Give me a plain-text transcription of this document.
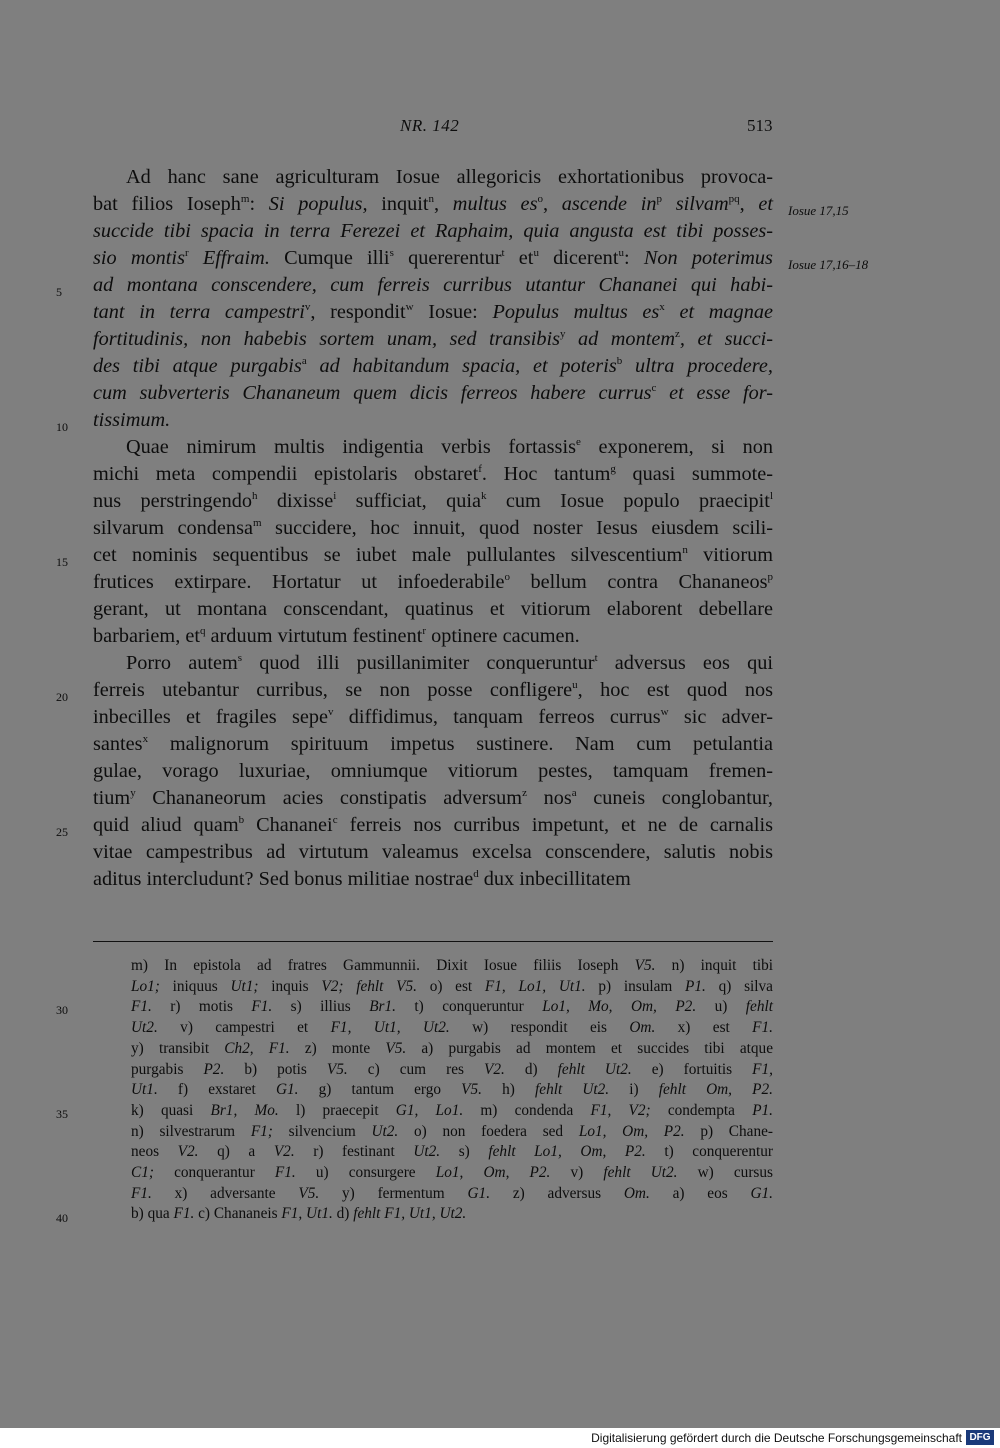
NR. 142	513
Ad hanc sane agriculturam Iosue allegoricis exhortationibus provoca-
bat filios Ioseph$^m$: Si populus, inquit$^n$, multus $es^o$, ascende $in^p$ silvam$^{pq}$, et
succide tibi spacia in terra Ferezei et Raphaim, quia angusta est tibi posses-
sio montis$^r$ Effraim. Cumque illi$^s$ quererentur$^t$ $et^u$ dicerent$^u$: Non poterimus
ad montana conscendere, cum ferreis curribus utantur Chananei qui habi-
tant in terra campestri$^v$, respondit$^w$ Iosue: Populus multus $es^x$ et magnae
fortitudinis, non habebis sortem unam, sed transibis$^y$ ad montem$^z$, et succi-
des tibi atque purgabis$^a$ ad habitandum spacia, et poteris$^b$ ultra procedere,
cum subverteris Chananeum quem dicis ferreos habere currus$^c$ et esse for-
tissimum.
Quae nimirum multis indigentia verbis fortassis$^e$ exponerem, si non
michi meta compendii epistolaris obstaret$^f$. Hoc tantum$^g$ quasi summote-
nus perstringendo$^h$ dixisse$^i$ sufficiat, quia$^k$ cum Iosue populo praecipit$^l$
silvarum condensa$^m$ succidere, hoc innuit, quod noster Iesus eiusdem scili-
cet nominis sequentibus se iubet male pullulantes silvescentium$^n$ vitiorum
frutices extirpare. Hortatur ut infoederabile$^o$ bellum contra Chananeos$^p$
gerant, ut montana conscendant, quatinus et vitiorum elaborent debellare
barbariem, $et^q$ arduum virtutum festinent$^r$ optinere cacumen.
Porro autem$^s$ quod illi pusillanimiter conqueruntur$^t$ adversus eos qui
ferreis utebantur curribus, se non posse confligere$^u$, hoc est quod nos
inbecilles et fragiles sepe$^v$ diffidimus, tanquam ferreos currus$^w$ sic adver-
santes$^x$ malignorum spirituum impetus sustinere. Nam cum petulantia
gulae, vorago luxuriae, omniumque vitiorum pestes, tamquam fremen-
tium$^y$ Chananeorum acies constipatis adversum$^z$ nos$^a$ cuneis conglobantur,
quid aliud quam$^b$ Chananei$^c$ ferreis nos curribus impetunt, et ne de carnalis
vitae campestribus ad virtutum valeamus excelsa conscendere, salutis nobis
aditus intercludunt? Sed bonus militiae nostrae$^d$ dux inbecillitatem
5
10
15
20
25
30
35
40
Iosue 17,15
Iosue 17,16–18
m) In epistola ad fratres Gammunnii. Dixit Iosue filiis Ioseph V5. n) inquit tibi
Lo1; iniquus Ut1; inquis V2; fehlt V5. o) est F1, Lo1, Ut1. p) insulam P1. q) silva
F1. r) motis F1. s) illius Br1. t) conqueruntur Lo1, Mo, Om, P2. u) fehlt
Ut2. v) campestri et F1, Ut1, Ut2. w) respondit eis Om. x) est F1.
y) transibit Ch2, F1. z) monte V5. a) purgabis ad montem et succides tibi atque
purgabis P2. b) potis V5. c) cum res V2. d) fehlt Ut2. e) fortuitis F1,
Ut1. f) exstaret G1. g) tantum ergo V5. h) fehlt Ut2. i) fehlt Om, P2.
k) quasi Br1, Mo. l) praecepit G1, Lo1. m) condenda F1, V2; condempta P1.
n) silvestrarum F1; silvencium Ut2. o) non foedera sed Lo1, Om, P2. p) Chane-
neos V2. q) a V2. r) festinant Ut2. s) fehlt Lo1, Om, P2. t) conquerentur
C1; conquerantur F1. u) consurgere Lo1, Om, P2. v) fehlt Ut2. w) cursus
F1. x) adversante V5. y) fermentum G1. z) adversus Om. a) eos G1.
b) qua F1. c) Chananeis F1, Ut1. d) fehlt F1, Ut1, Ut2.
Digitalisierung gefördert durch die Deutsche Forschungsgemeinschaft DFG
